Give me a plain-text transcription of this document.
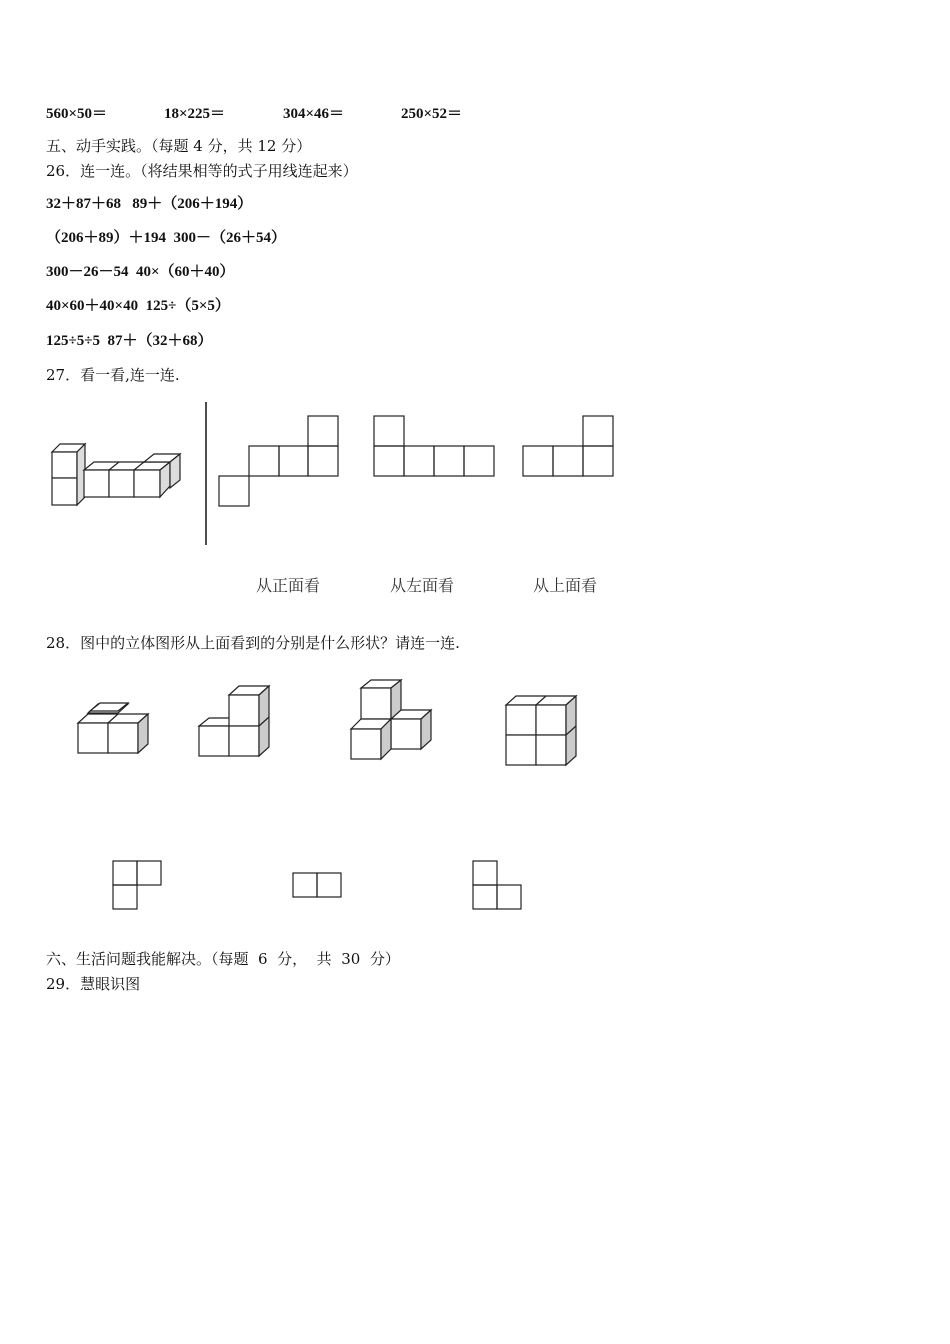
560×50＝	18×225＝	304×46＝	250×52＝
五、动手实践。（每题 4 分，共 12 分）
26．连一连。（将结果相等的式子用线连起来）
32＋87＋68   89＋（206＋194）
（206＋89）＋194  300－（26＋54）
300－26－54  40×（60＋40）
40×60＋40×40  125÷（5×5）
125÷5÷5  87＋（32＋68）
27．看一看,连一连.
从正面看	从左面看	从上面看
28．图中的立体图形从上面看到的分别是什么形状？请连一连.
六、生活问题我能解决。（每题  6  分，  共  30  分）
29．慧眼识图
